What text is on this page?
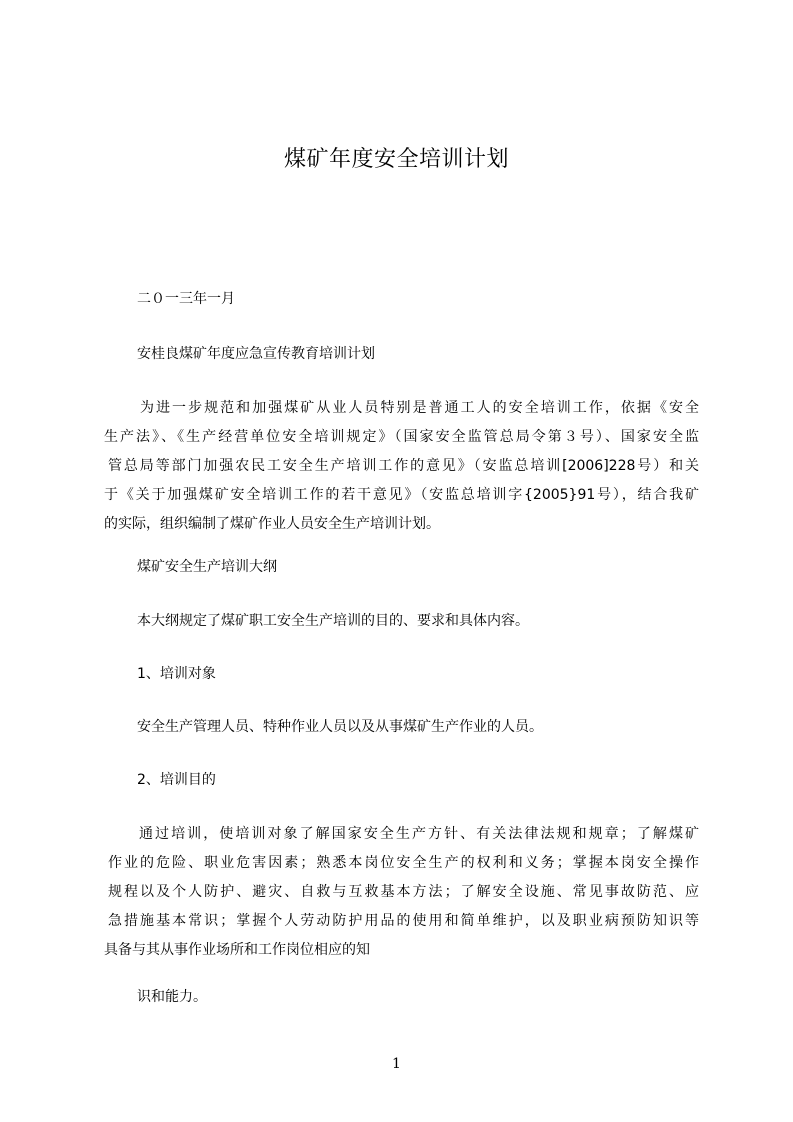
煤矿年度安全培训计划
二０一三年一月
安桂良煤矿年度应急宣传教育培训计划
为进一步规范和加强煤矿从业人员特别是普通工人的安全培训工作，依据《安全
生产法》、《生产经营单位安全培训规定》（国家安全监管总局令第３号）、国家安全监
管总局等部门加强农民工安全生产培训工作的意见》（安监总培训[2006]228号）和关
于《关于加强煤矿安全培训工作的若干意见》（安监总培训字{2005}91号），结合我矿
的实际，组织编制了煤矿作业人员安全生产培训计划。
煤矿安全生产培训大纲
本大纲规定了煤矿职工安全生产培训的目的、要求和具体内容。
1、培训对象
安全生产管理人员、特种作业人员以及从事煤矿生产作业的人员。
2、培训目的
通过培训，使培训对象了解国家安全生产方针、有关法律法规和规章；了解煤矿
作业的危险、职业危害因素；熟悉本岗位安全生产的权利和义务；掌握本岗安全操作
规程以及个人防护、避灾、自救与互救基本方法；了解安全设施、常见事故防范、应
急措施基本常识；掌握个人劳动防护用品的使用和简单维护，以及职业病预防知识等
具备与其从事作业场所和工作岗位相应的知
识和能力。
1
